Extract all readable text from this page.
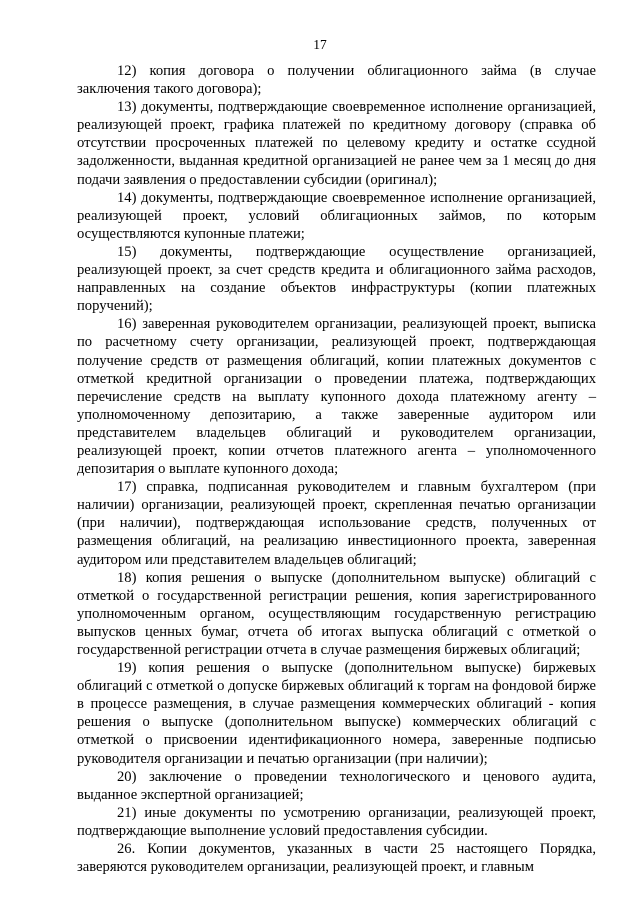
17

12) копия договора о получении облигационного займа (в случае заключения такого договора);

13) документы, подтверждающие своевременное исполнение организацией, реализующей проект, графика платежей по кредитному договору (справка об отсутствии просроченных платежей по целевому кредиту и остатке ссудной задолженности, выданная кредитной организацией не ранее чем за 1 месяц до дня подачи заявления о предоставлении субсидии (оригинал);

14) документы, подтверждающие своевременное исполнение организацией, реализующей проект, условий облигационных займов, по которым осуществляются купонные платежи;

15) документы, подтверждающие осуществление организацией, реализующей проект, за счет средств кредита и облигационного займа расходов, направленных на создание объектов инфраструктуры (копии платежных поручений);

16) заверенная руководителем организации, реализующей проект, выписка по расчетному счету организации, реализующей проект, подтверждающая получение средств от размещения облигаций, копии платежных документов с отметкой кредитной организации о проведении платежа, подтверждающих перечисление средств на выплату купонного дохода платежному агенту – уполномоченному депозитарию, а также заверенные аудитором или представителем владельцев облигаций и руководителем организации, реализующей проект, копии отчетов платежного агента – уполномоченного депозитария о выплате купонного дохода;

17) справка, подписанная руководителем и главным бухгалтером (при наличии) организации, реализующей проект, скрепленная печатью организации (при наличии), подтверждающая использование средств, полученных от размещения облигаций, на реализацию инвестиционного проекта, заверенная аудитором или представителем владельцев облигаций;

18) копия решения о выпуске (дополнительном выпуске) облигаций с отметкой о государственной регистрации решения, копия зарегистрированного уполномоченным органом, осуществляющим государственную регистрацию выпусков ценных бумаг, отчета об итогах выпуска облигаций с отметкой о государственной регистрации отчета в случае размещения биржевых облигаций;

19) копия решения о выпуске (дополнительном выпуске) биржевых облигаций с отметкой о допуске биржевых облигаций к торгам на фондовой бирже в процессе размещения, в случае размещения коммерческих облигаций - копия решения о выпуске (дополнительном выпуске) коммерческих облигаций с отметкой о присвоении идентификационного номера, заверенные подписью руководителя организации и печатью организации (при наличии);

20) заключение о проведении технологического и ценового аудита, выданное экспертной организацией;

21) иные документы по усмотрению организации, реализующей проект, подтверждающие выполнение условий предоставления субсидии.

26. Копии документов, указанных в части 25 настоящего Порядка, заверяются руководителем организации, реализующей проект, и главным
